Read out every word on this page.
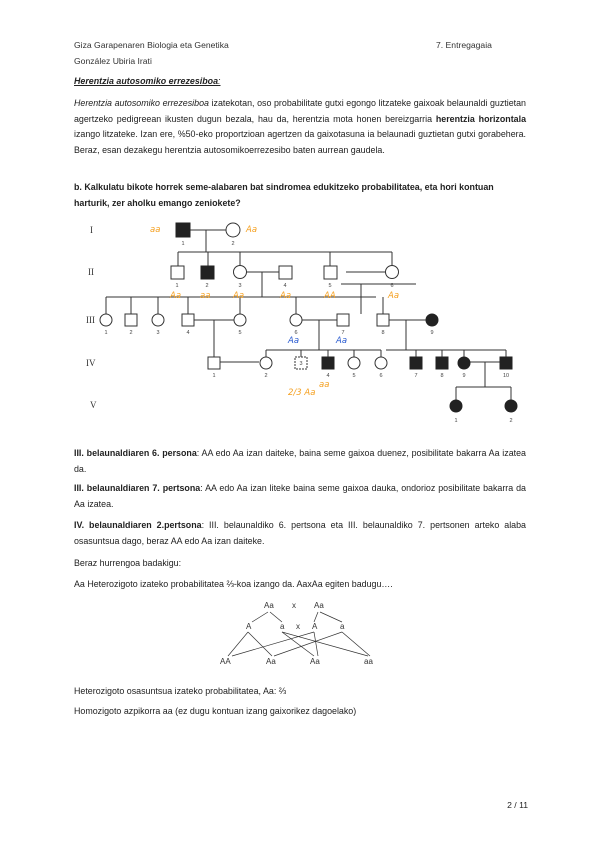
Giza Garapenaren Biologia eta Genetika	7. Entregagaia
González Ubiria Irati
Herentzia autosomiko errezesiboa:
Herentzia autosomiko errezesiboa izatekotan, oso probabilitate gutxi egongo litzateke gaixoak belaunaldi guztietan agertzeko pedigreean ikusten dugun bezala, hau da, herentzia mota honen bereizgarria herentzia horizontala izango litzateke. Izan ere, %50-eko proportzioan agertzen da gaixotasuna ia belaunadi guztietan gutxi gorabehera. Beraz, esan dezakegu herentzia autosomikoerrezesibo baten aurrean gaudela.
b. Kalkulatu bikote horrek seme-alabaren bat sindromea edukitzeko probabilitatea, eta hori kontuan harturik, zer aholku emango zeniokete?
I
II
III
IV
V
1	2
1	2	3	4	5	6
1	2	3	4	5	6	7	8	9
1	2
3
4	5	6	7	8	9	10
1	2
aa	Aa
Aa aa	Aa	Aa	AA	Aa
Aa	Aa
2/3 Aa
aa
III. belaunaldiaren 6. persona: AA edo Aa izan daiteke, baina seme gaixoa duenez, posibilitate bakarra Aa izatea da.
III. belaunaldiaren 7. pertsona: AA edo Aa izan liteke baina seme gaixoa dauka, ondorioz posibilitate bakarra da Aa izatea.
IV. belaunaldiaren 2.pertsona: III. belaunaldiko 6. pertsona eta III. belaunaldiko 7. pertsonen arteko alaba osasuntsua dago, beraz AA edo Aa izan daiteke.
Beraz hurrengoa badakigu:
Aa Heterozigoto izateko probabilitatea ⅔-koa izango da. AaxAa egiten badugu….
Aa x Aa
A	a x A	a
AA	Aa	Aa	aa
Heterozigoto osasuntsua izateko probabilitatea, Aa: ⅔
Homozigoto azpikorra aa (ez dugu kontuan izang gaixorikez dagoelako)
2 / 11
